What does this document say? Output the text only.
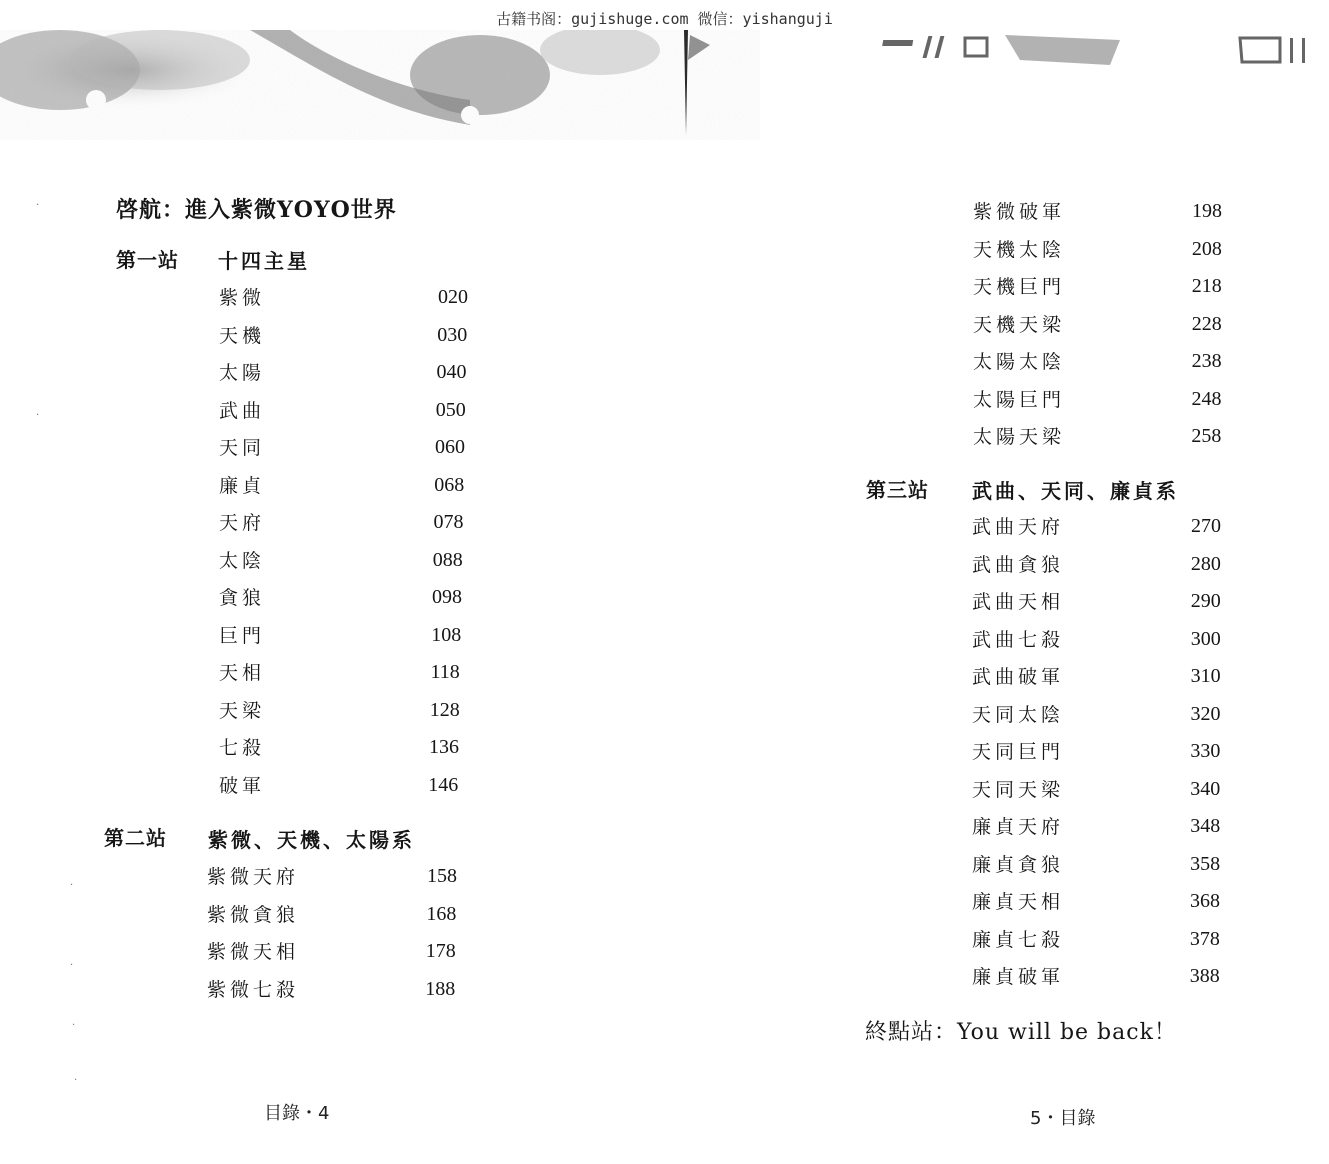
古籍书阁：gujishuge.com 微信：yishanguji
啓航：進入紫微YOYO世界
第一站 十四主星
紫微	020
天機	030
太陽	040
武曲	050
天同	060
廉貞	068
天府	078
太陰	088
貪狼	098
巨門	108
天相	118
天梁	128
七殺	136
破軍	146
第二站 紫微、天機、太陽系
紫微天府	158
紫微貪狼	168
紫微天相	178
紫微七殺	188
目錄・4
紫微破軍	198
天機太陰	208
天機巨門	218
天機天梁	228
太陽太陰	238
太陽巨門	248
太陽天梁	258
第三站 武曲、天同、廉貞系
武曲天府	270
武曲貪狼	280
武曲天相	290
武曲七殺	300
武曲破軍	310
天同太陰	320
天同巨門	330
天同天梁	340
廉貞天府	348
廉貞貪狼	358
廉貞天相	368
廉貞七殺	378
廉貞破軍	388
終點站：You will be back！
5・目錄
·
·
·
·
·
·
